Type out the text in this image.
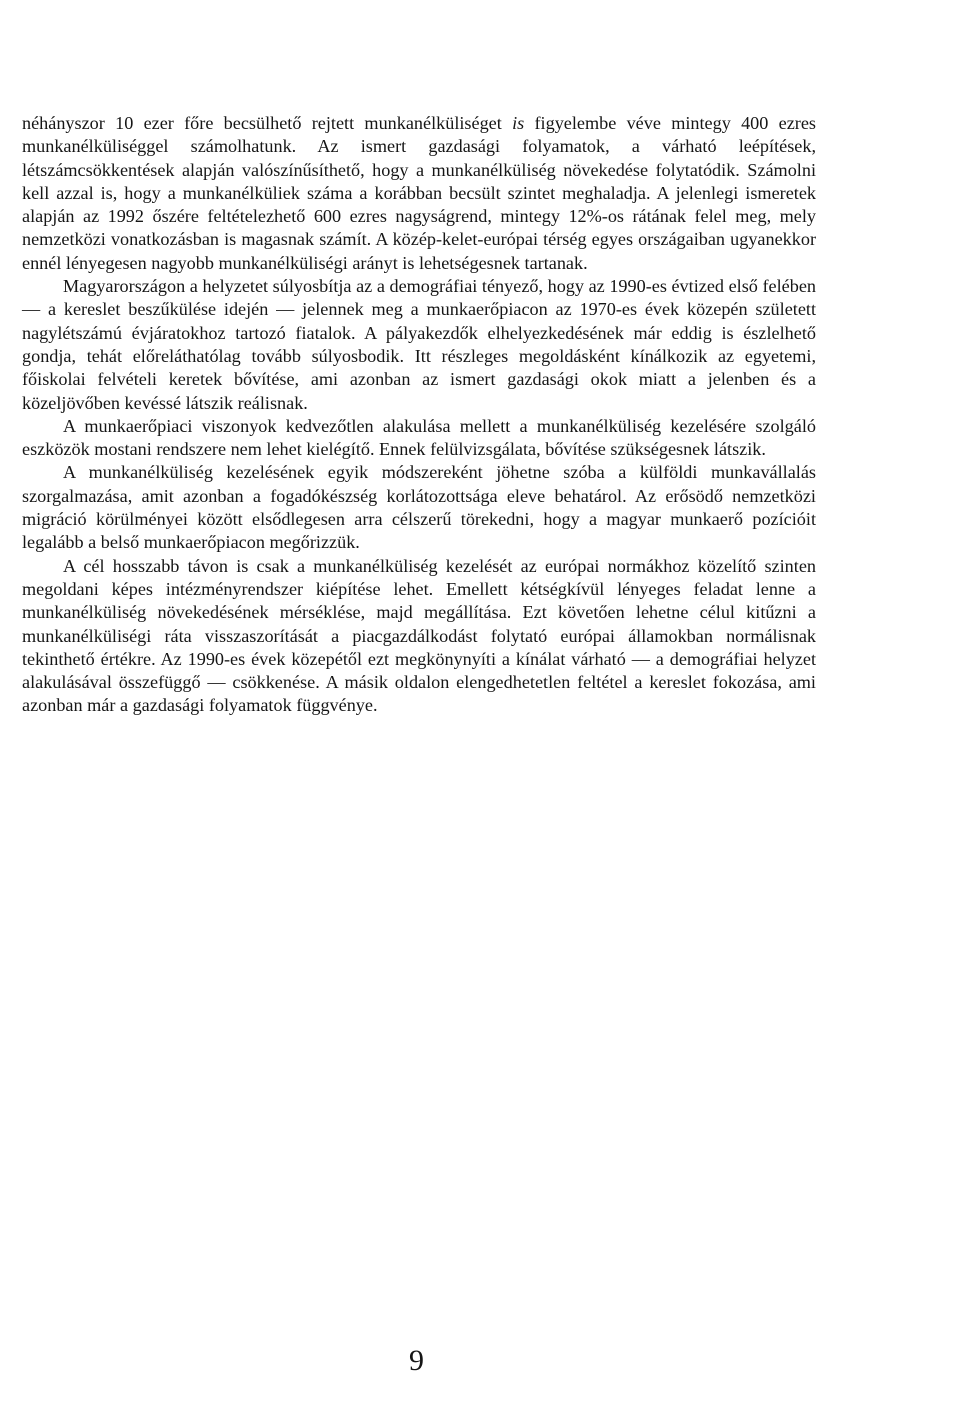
néhányszor 10 ezer főre becsülhető rejtett munkanélküliséget is figyelembe véve mintegy 400 ezres munkanélküliséggel számolhatunk. Az ismert gazdasági folyamatok, a várható leépítések, létszámcsökkentések alapján valószínűsíthető, hogy a munkanélküliség növekedése folytatódik. Számolni kell azzal is, hogy a munkanélküliek száma a korábban becsült szintet meghaladja. A jelenlegi ismeretek alapján az 1992 őszére feltételezhető 600 ezres nagyságrend, mintegy 12%-os rátának felel meg, mely nemzetközi vonatkozásban is magasnak számít. A közép-kelet-európai térség egyes országaiban ugyanekkor ennél lényegesen nagyobb munkanélküliségi arányt is lehetségesnek tartanak.

Magyarországon a helyzetet súlyosbítja az a demográfiai tényező, hogy az 1990-es évtized első felében — a kereslet beszűkülése idején — jelennek meg a munkaerőpiacon az 1970-es évek közepén született nagylétszámú évjáratokhoz tartozó fiatalok. A pályakezdők elhelyezkedésének már eddig is észlelhető gondja, tehát előreláthatólag tovább súlyosbodik. Itt részleges megoldásként kínálkozik az egyetemi, főiskolai felvételi keretek bővítése, ami azonban az ismert gazdasági okok miatt a jelenben és a közeljövőben kevéssé látszik reálisnak.

A munkaerőpiaci viszonyok kedvezőtlen alakulása mellett a munkanélküliség kezelésére szolgáló eszközök mostani rendszere nem lehet kielégítő. Ennek felülvizsgálata, bővítése szükségesnek látszik.

A munkanélküliség kezelésének egyik módszereként jöhetne szóba a külföldi munkavállalás szorgalmazása, amit azonban a fogadókészség korlátozottsága eleve behatárol. Az erősödő nemzetközi migráció körülményei között elsődlegesen arra célszerű törekedni, hogy a magyar munkaerő pozícióit legalább a belső munkaerőpiacon megőrizzük.

A cél hosszabb távon is csak a munkanélküliség kezelését az európai normákhoz közelítő szinten megoldani képes intézményrendszer kiépítése lehet. Emellett kétségkívül lényeges feladat lenne a munkanélküliség növekedésének mérséklése, majd megállítása. Ezt követően lehetne célul kitűzni a munkanélküliségi ráta visszaszorítását a piacgazdálkodást folytató európai államokban normálisnak tekinthető értékre. Az 1990-es évek közepétől ezt megkönynyíti a kínálat várható — a demográfiai helyzet alakulásával összefüggő — csökkenése. A másik oldalon elengedhetetlen feltétel a kereslet fokozása, ami azonban már a gazdasági folyamatok függvénye.

9
